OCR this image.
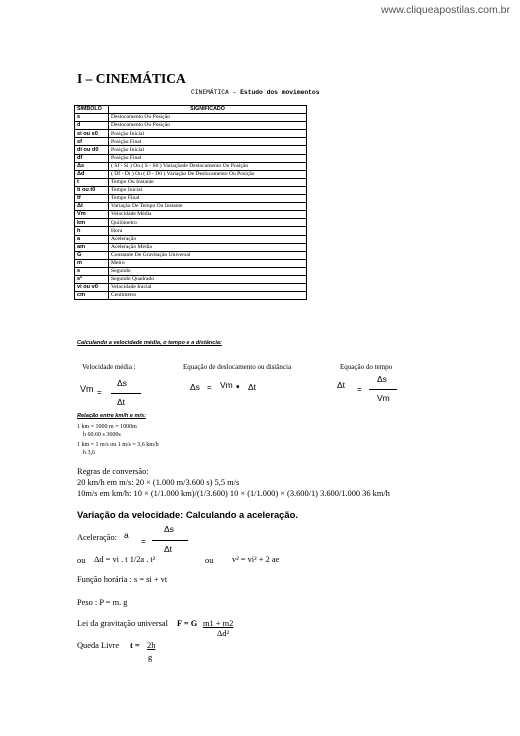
www.cliqueapostilas.com.br
I – CINEMÁTICA
CINEMÁTICA – Estudo dos movimentos
SÍMBOLO	SIGNIFICADO
s	Deslocamento Ou Posição
d	Deslocamento Ou Posição
si ou s0	Posição Inicial
sf	Posição Final
di ou d0	Posição Inicial
df	Posição Final
Δs	( Sf - Si ) Ou ( S - S0 ) Variaçãode Deslocamento Ou Posição
Δd	( Df - Di ) Ou ( D - D0 ) Variação De Deslocamento Ou Posição
t	Tempo Ou Instante
ti ou t0	Tempo Inicial
tf	Tempo Final
Δt	Variação De Tempo Ou Instante
Vm	Velocidade Média
km	Quilômetro
h	Hora
a	Aceleração
am	Aceleração Média
G	Constante De Gravitação Universal
m	Metro
s	Segundo
s²	Segundo Quadrado
vi ou v0	Velocidade Inicial
cm	Centímetro
Calculando a velocidade média, o tempo e a distância:
Velocidade média :	Equação de deslocamento ou distância	Equação do tempo
Vm =
Δs
Δt
Δs = Vm • Δt	Δt =
Δs
Vm
Relação entre km/h e m/s:
1 km = 1000 m = 1000m
h 60.60 s 3600s
1 km = 1 m/s ou 1 m/s = 3,6 km/h
h 3,6
Regras de conversão:
20 km/h em m/s: 20 × (1.000 m/3.600 s) 5,5 m/s
10m/s em km/h: 10 × (1/1.000 km)/(1/3.600) 10 × (1/1.000) × (3.600/1) 3.600/1.000 36 km/h
Variação da velocidade: Calculando a aceleração.
Aceleração: a
=
Δs
Δt
ou Δd = vi . t 1/2a . t²	ou v² = vi² + 2 ae
Função horária : s = si + vt
Peso : P = m. g
Lei da gravitação universal F = G m1 + m2
Δd²
Queda Livre t = 2h
g
